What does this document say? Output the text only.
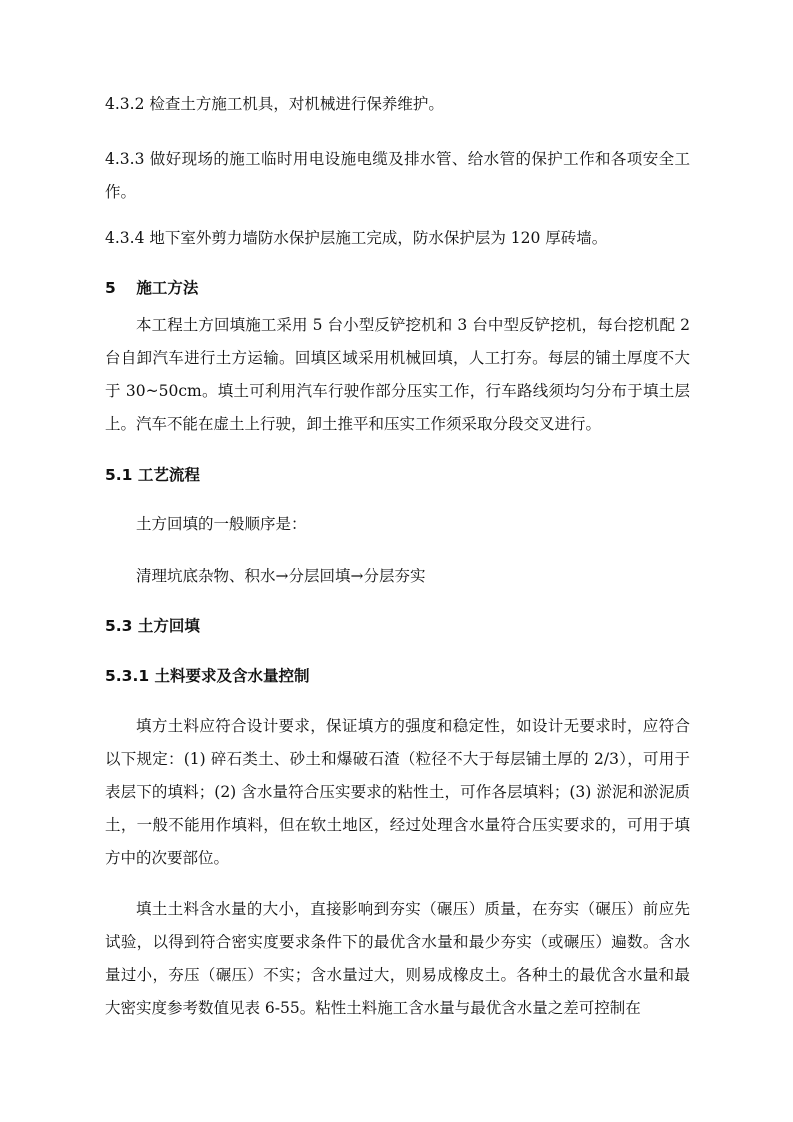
4.3.2 检查土方施工机具，对机械进行保养维护。
4.3.3 做好现场的施工临时用电设施电缆及排水管、给水管的保护工作和各项安全工作。
4.3.4 地下室外剪力墙防水保护层施工完成，防水保护层为 120 厚砖墙。
5 施工方法
本工程土方回填施工采用 5 台小型反铲挖机和 3 台中型反铲挖机，每台挖机配 2 台自卸汽车进行土方运输。回填区域采用机械回填，人工打夯。每层的铺土厚度不大于 30~50cm。填土可利用汽车行驶作部分压实工作，行车路线须均匀分布于填土层上。汽车不能在虚土上行驶，卸土推平和压实工作须采取分段交叉进行。
5.1 工艺流程
土方回填的一般顺序是：
清理坑底杂物、积水→分层回填→分层夯实
5.3 土方回填
5.3.1 土料要求及含水量控制
填方土料应符合设计要求，保证填方的强度和稳定性，如设计无要求时，应符合以下规定：(1) 碎石类土、砂土和爆破石渣（粒径不大于每层铺土厚的 2/3），可用于表层下的填料；(2) 含水量符合压实要求的粘性土，可作各层填料；(3) 淤泥和淤泥质土，一般不能用作填料，但在软土地区，经过处理含水量符合压实要求的，可用于填方中的次要部位。
填土土料含水量的大小，直接影响到夯实（碾压）质量，在夯实（碾压）前应先试验，以得到符合密实度要求条件下的最优含水量和最少夯实（或碾压）遍数。含水量过小，夯压（碾压）不实；含水量过大，则易成橡皮土。各种土的最优含水量和最大密实度参考数值见表 6-55。粘性土料施工含水量与最优含水量之差可控制在
